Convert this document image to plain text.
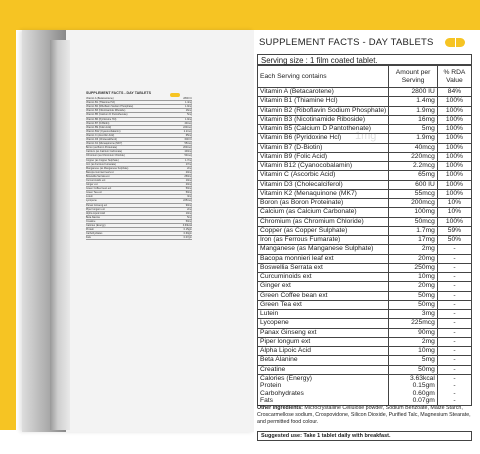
SUPPLEMENT FACTS - DAY TABLETS
Vitamin A (Betacarotene)	2800 IU
Vitamin B1 (Thiamine Hcl)	1.4mg
Vitamin B2 (Riboflavin Sodium Phosphate)	1.9mg
Vitamin B3 (Nicotinamide Riboside)	16mg
Vitamin B5 (Calcium D Pantothenate)	5mg
Vitamin B6 (Pyridoxine Hcl)	1.9mg
Vitamin B7 (D-Biotin)	40mcg
Vitamin B9 (Folic Acid)	220mcg
Vitamin B12 (Cyanocobalamin)	2.2mcg
Vitamin C (Ascorbic Acid)	65mg
Vitamin D3 (Cholecalciferol)	600 IU
Vitamin K2 (Menaquinone (MK7)	55mcg
Boron (as Boron Proteinate)	200mcg
Calcium (as Calcium Carbonate)	100mg
Chromium (as Chromium Chloride)	50mcg
Copper (as Copper Sulphate)	1.7mg
Iron (as Ferrous Fumarate)	17mg
Manganese (as Manganese Sulphate)	2mg
Bacopa monnieri leaf ext	20mg
Boswellia Serrata ext	250mg
Curcuminoids ext	10mg
Ginger ext	20mg
Green Coffee bean ext	50mg
Green Tea ext	50mg
Lutein	3mg
Lycopene	225mcg
Panax Ginseng ext	90mg
Piper longum ext	2mg
Alpha Lipoic Acid	10mg
Beta Alanine	5mg
Creatine	50mg
Calories (Energy)	3.63kcal
Protein	0.15gm
Carbohydrates	0.60gm
Fats	0.07gm
SUPPLEMENT FACTS - DAY TABLETS
Serving size : 1 film coated tablet.
Each Serving contains	Amount per Serving	% RDA Value
Vitamin A (Betacarotene)	2800 IU	84%
Vitamin B1 (Thiamine Hcl)	1.4mg	100%
Vitamin B2 (Riboflavin Sodium Phosphate)	1.9mg	100%
Vitamin B3 (Nicotinamide Riboside)	16mg	100%
Vitamin B5 (Calcium D Pantothenate)	5mg	100%
Vitamin B6 (Pyridoxine Hcl)	1.9mg	100%
Vitamin B7 (D-Biotin)	40mcg	100%
Vitamin B9 (Folic Acid)	220mcg	100%
Vitamin B12 (Cyanocobalamin)	2.2mcg	100%
Vitamin C (Ascorbic Acid)	65mg	100%
Vitamin D3 (Cholecalciferol)	600 IU	100%
Vitamin K2 (Menaquinone (MK7)	55mcg	100%
Boron (as Boron Proteinate)	200mcg	10%
Calcium (as Calcium Carbonate)	100mg	10%
Chromium (as Chromium Chloride)	50mcg	100%
Copper (as Copper Sulphate)	1.7mg	59%
Iron (as Ferrous Fumarate)	17mg	50%
Manganese (as Manganese Sulphate)	2mg	-
Bacopa monnieri leaf ext	20mg	-
Boswellia Serrata ext	250mg	-
Curcuminoids ext	10mg	-
Ginger ext	20mg	-
Green Coffee bean ext	50mg	-
Green Tea ext	50mg	-
Lutein	3mg	-
Lycopene	225mcg	-
Panax Ginseng ext	90mg	-
Piper longum ext	2mg	-
Alpha Lipoic Acid	10mg	-
Beta Alanine	5mg	-
Creatine	50mg	-
Calories (Energy)	3.63kcal	-
Protein	0.15gm	-
Carbohydrates	0.60gm	-
Fats	0.07gm	-
1mg
Other ingredients: Microcrystalline Cellulose powder, Sodium Benzoate, Maize Starch, Croscarmellose sodium, Crospovidone, Silicon Dioxide, Purified Talc, Magnesium Stearate, and permitted food colour.
Suggested use: Take 1 tablet daily with breakfast.
